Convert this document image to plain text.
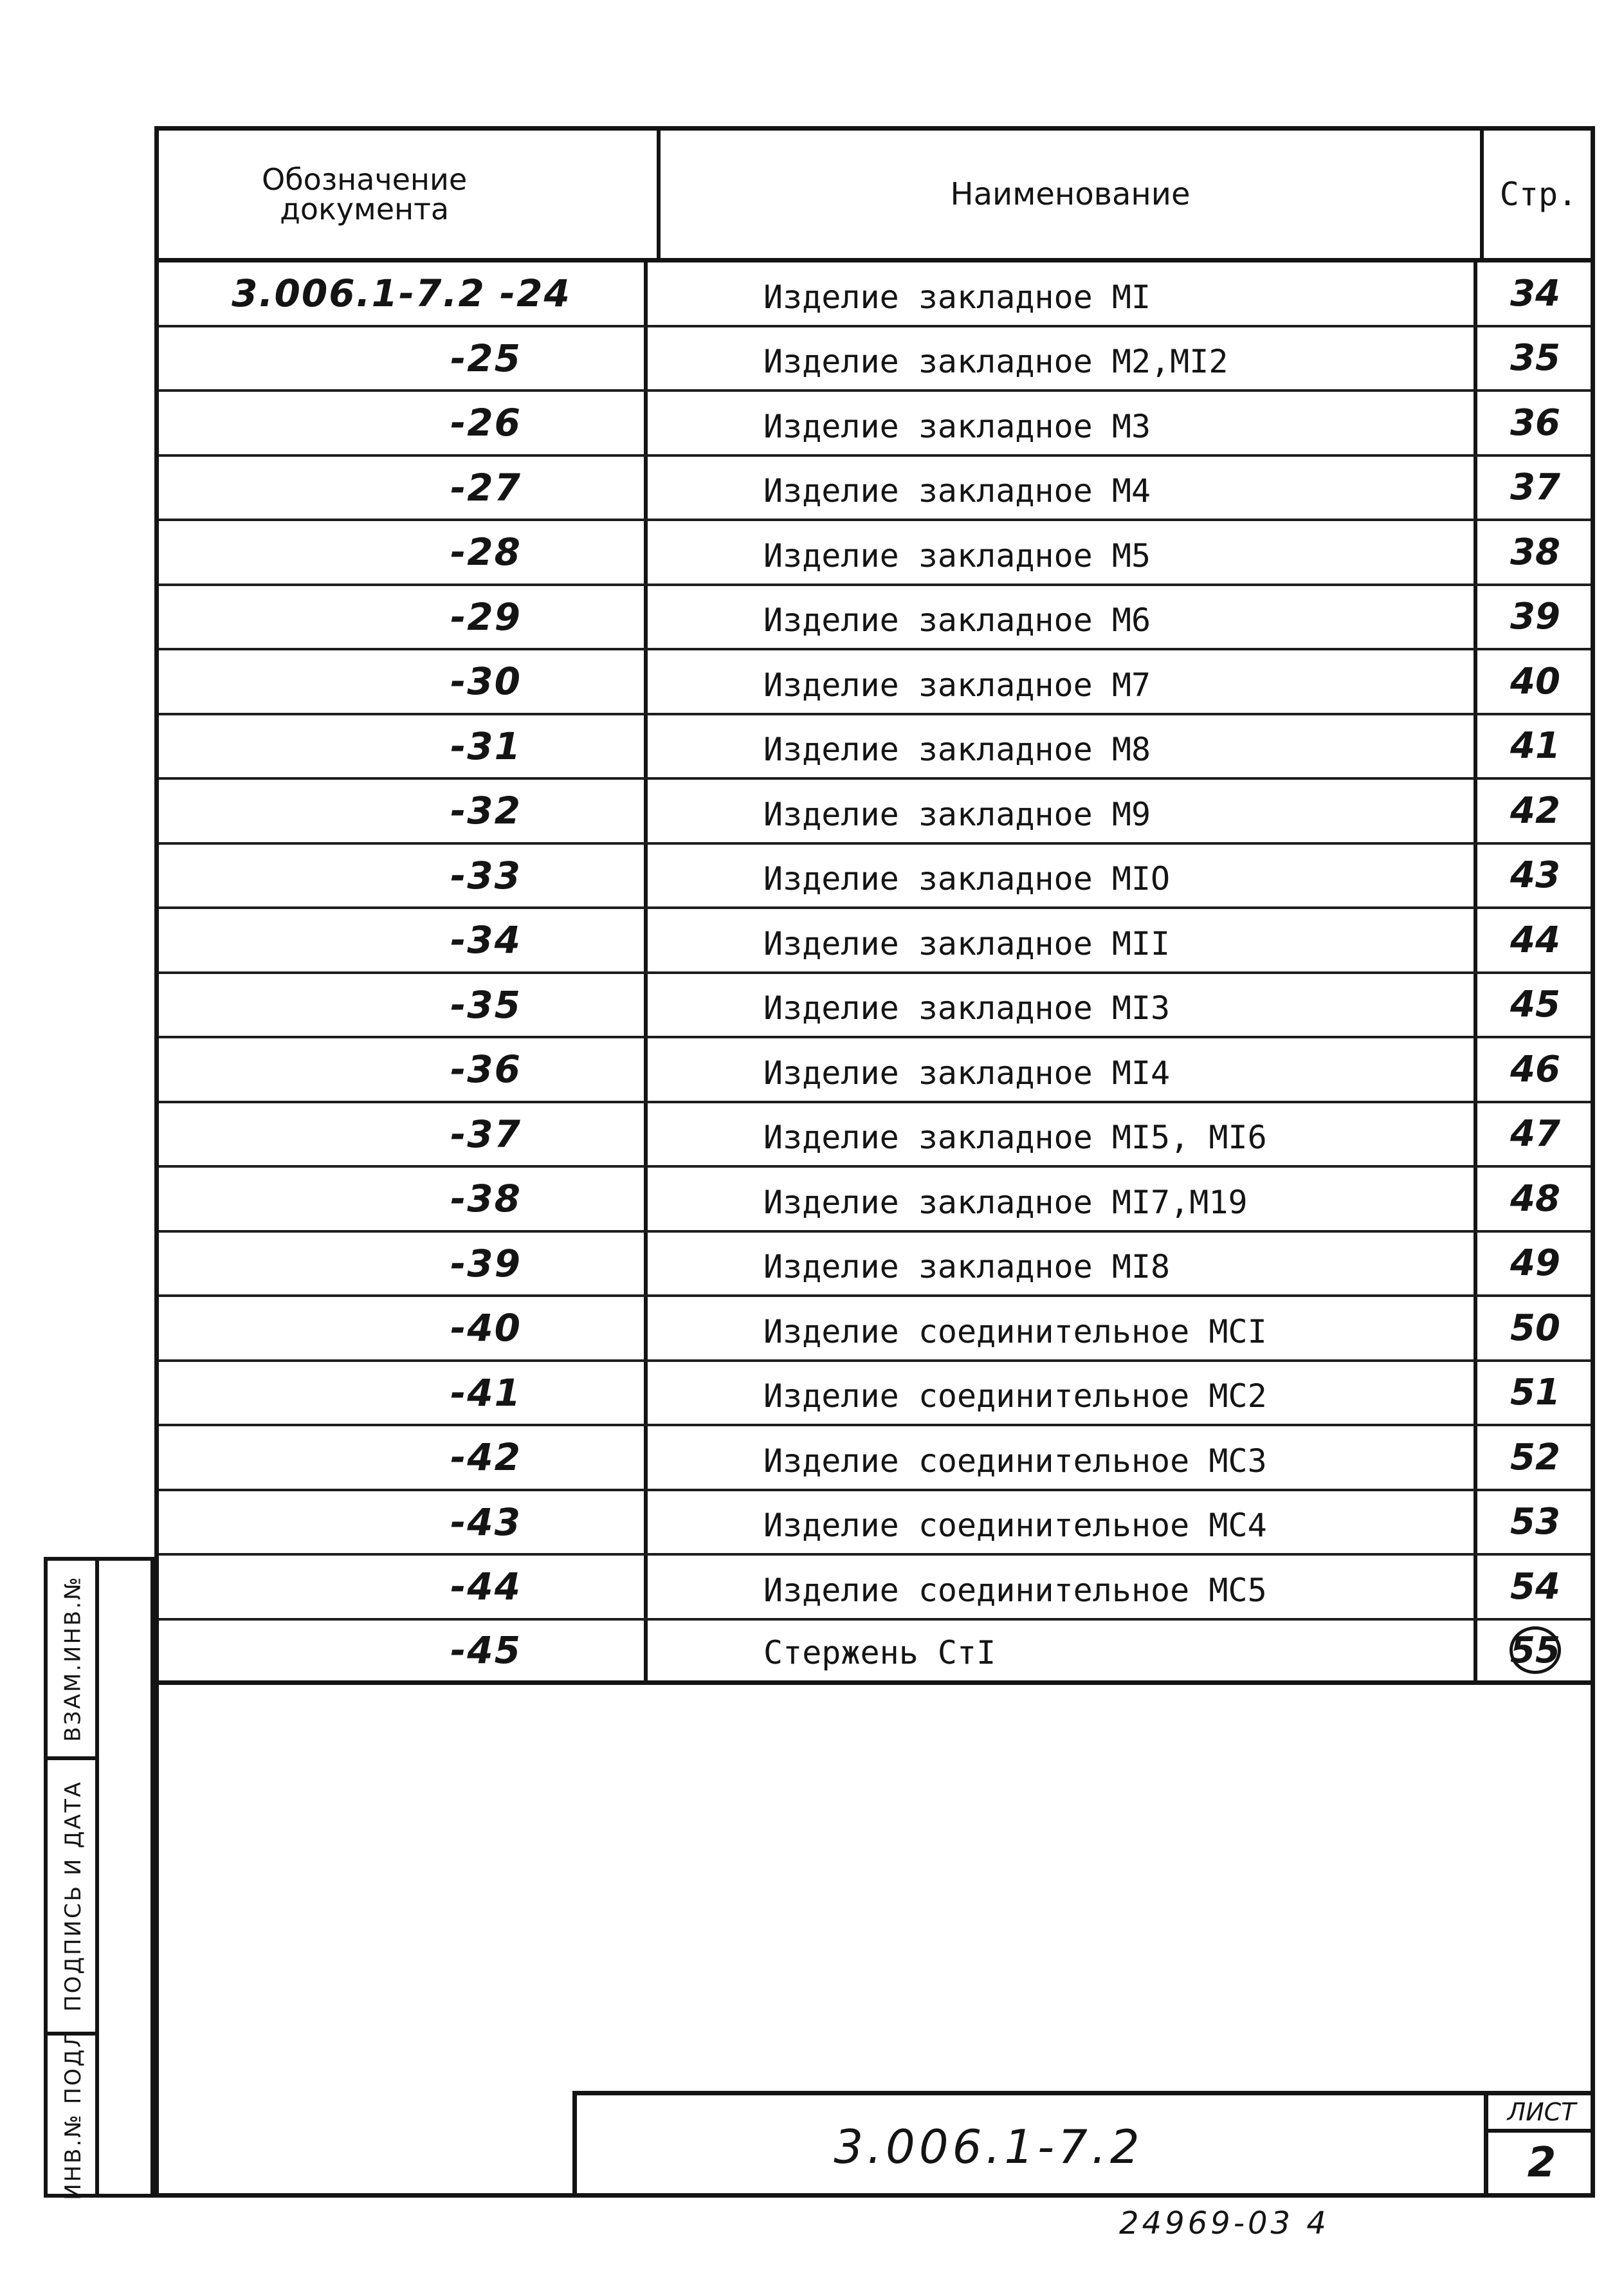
Обозначение
документа	Наименование	Стр.
3.006.1-7.2 -24	Изделие закладное МI	34
-25	Изделие закладное М2,МI2	35
-26	Изделие закладное М3	36
-27	Изделие закладное М4	37
-28	Изделие закладное М5	38
-29	Изделие закладное М6	39
-30	Изделие закладное М7	40
-31	Изделие закладное М8	41
-32	Изделие закладное М9	42
-33	Изделие закладное МIO	43
-34	Изделие закладное МII	44
-35	Изделие закладное МI3	45
-36	Изделие закладное МI4	46
-37	Изделие закладное МI5, МI6	47
-38	Изделие закладное МI7,М19	48
-39	Изделие закладное МI8	49
-40	Изделие соединительное МСI	50
-41	Изделие соединительное МС2	51
-42	Изделие соединительное МС3	52
-43	Изделие соединительное МС4	53
-44	Изделие соединительное МС5	54
-45	Стержень СтI	55
ВЗАМ.ИНВ.№
ПОДПИСЬ И ДАТА
ИНВ.№ ПОДЛ	3.006.1-7.2
ЛИСТ
2
24969-03 4
